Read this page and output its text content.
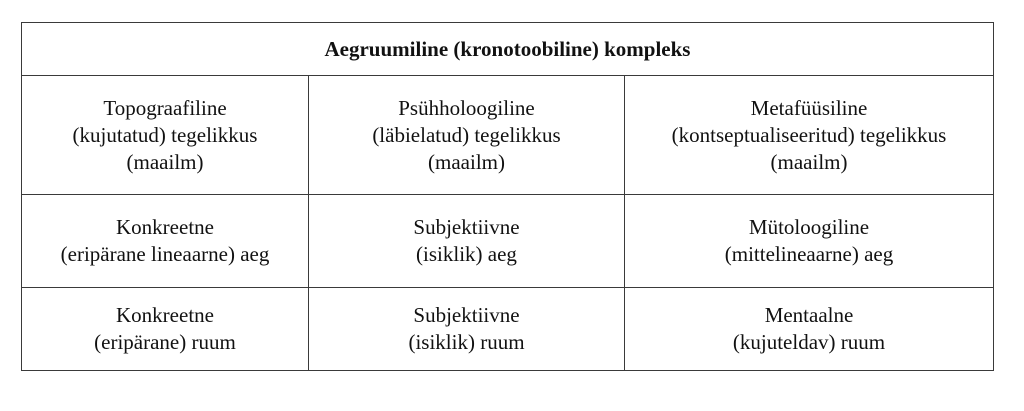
Aegruumiline (kronotoobiline) kompleks		

Topograafiline
(kujutatud) tegelikkus
(maailm)	Psühholoogiline
(läbielatud) tegelikkus
(maailm)	Metafüüsiline
(kontseptualiseeritud) tegelikkus
(maailm)

Konkreetne
(eripärane lineaarne) aeg	Subjektiivne
(isiklik) aeg	Mütoloogiline
(mittelineaarne) aeg

Konkreetne
(eripärane) ruum	Subjektiivne
(isiklik) ruum	Mentaalne
(kujuteldav) ruum
